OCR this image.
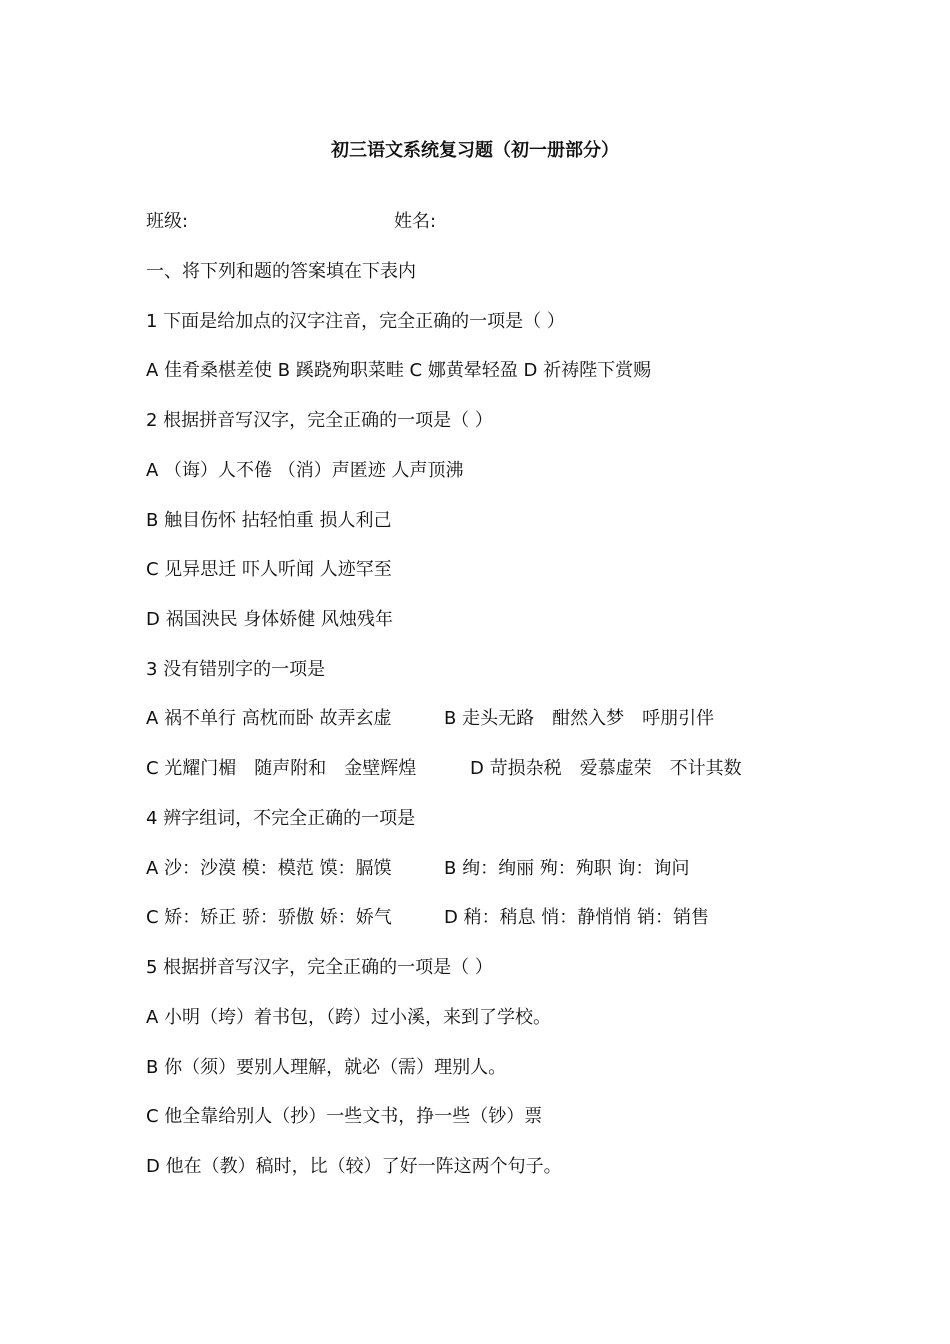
初三语文系统复习题（初一册部分）
班级:	姓名:
一、将下列和题的答案填在下表内
1 下面是给加点的汉字注音，完全正确的一项是（ ）
A 佳肴桑椹差使 B 蹊跷殉职菜畦 C 娜黄晕轻盈 D 祈祷陛下赏赐
2 根据拼音写汉字，完全正确的一项是（ ）
A （诲）人不倦 （消）声匿迹 人声顶沸
B 触目伤怀 拈轻怕重 损人利己
C 见异思迁 吓人听闻 人迹罕至
D 祸国泱民 身体娇健 风烛残年
3 没有错别字的一项是
A 祸不单行 高枕而卧 故弄玄虚	B 走头无路　酣然入梦　呼朋引伴
C 光耀门楣　随声附和　金壁辉煌	D 苛损杂税　爱慕虚荣　不计其数
4 辨字组词，不完全正确的一项是
A 沙：沙漠 模：模范 馍：膈馍	B 绚：绚丽 殉：殉职 询：询问
C 矫：矫正 骄：骄傲 娇：娇气	D 稍：稍息 悄：静悄悄 销：销售
5 根据拼音写汉字，完全正确的一项是（ ）
A 小明（垮）着书包，（跨）过小溪，来到了学校。
B 你（须）要别人理解，就必（需）理别人。
C 他全靠给别人（抄）一些文书，挣一些（钞）票
D 他在（教）稿时，比（较）了好一阵这两个句子。
